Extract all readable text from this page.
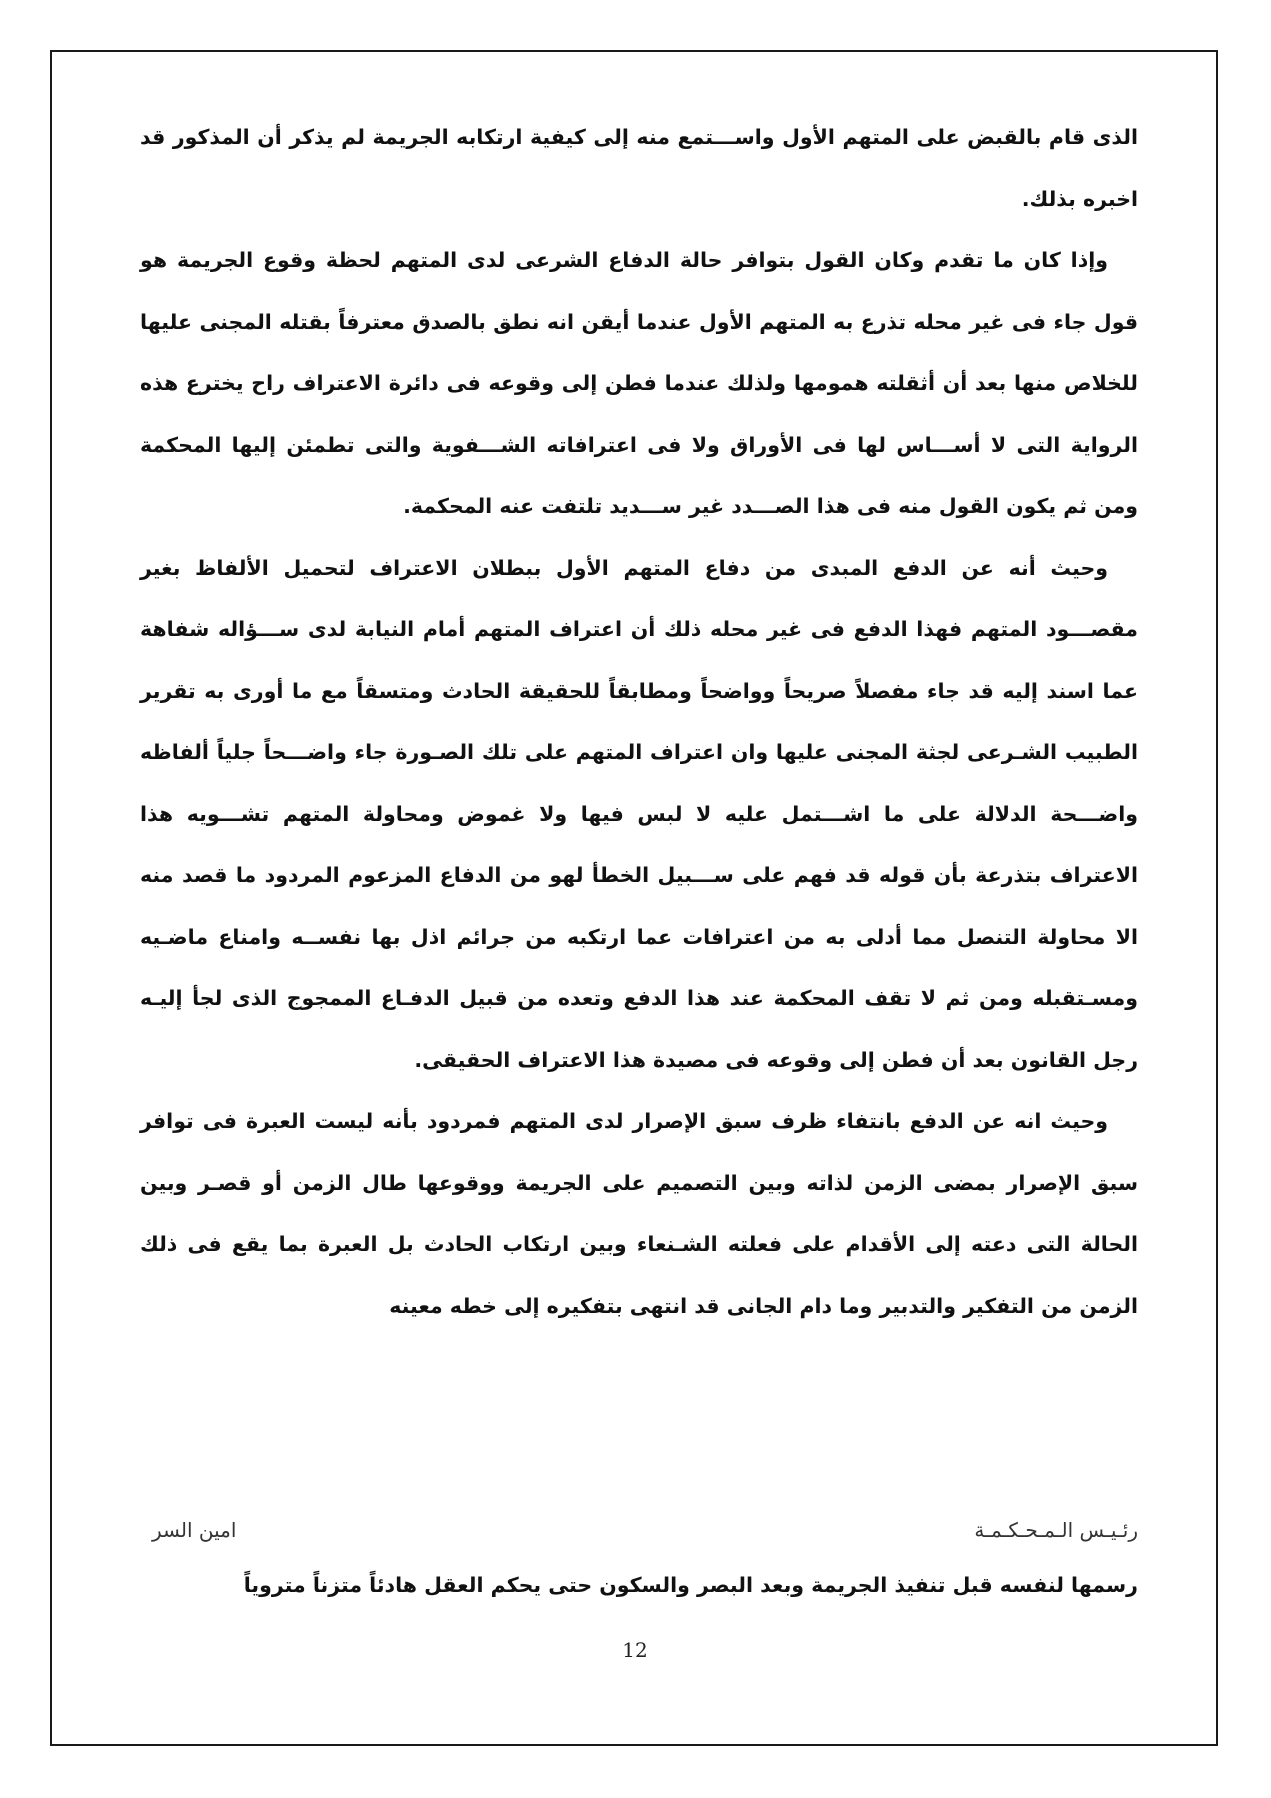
الذى قام بالقبض على المتهم الأول واســـتمع منه إلى كيفية ارتكابه الجريمة لم يذكر أن المذكور قد اخبره بذلك.

وإذا كان ما تقدم وكان القول بتوافر حالة الدفاع الشرعى لدى المتهم لحظة وقوع الجريمة هو قول جاء فى غير محله تذرع به المتهم الأول عندما أيقن انه نطق بالصدق معترفاً بقتله المجنى عليها للخلاص منها بعد أن أثقلته همومها ولذلك عندما فطن إلى وقوعه فى دائرة الاعتراف راح يخترع هذه الرواية التى لا أســـاس لها فى الأوراق ولا فى اعترافاته الشـــفوية والتى تطمئن إليها المحكمة ومن ثم يكون القول منه فى هذا الصـــدد غير ســـديد تلتفت عنه المحكمة.

وحيث أنه عن الدفع المبدى من دفاع المتهم الأول ببطلان الاعتراف لتحميل الألفاظ بغير مقصـــود المتهم فهذا الدفع فى غير محله ذلك أن اعتراف المتهم أمام النيابة لدى ســـؤاله شفاهة عما اسند إليه قد جاء مفصلاً صريحاً وواضحاً ومطابقاً للحقيقة الحادث ومتسقاً مع ما أورى به تقرير الطبيب الشـرعى لجثة المجنى عليها وان اعتراف المتهم على تلك الصـورة جاء واضـــحاً جلياً ألفاظه واضـــحة الدلالة على ما اشـــتمل عليه لا لبس فيها ولا غموض ومحاولة المتهم تشـــويه هذا الاعتراف بتذرعة بأن قوله قد فهم على ســـبيل الخطأ لهو من الدفاع المزعوم المردود ما قصد منه الا محاولة التنصل مما أدلى به من اعترافات عما ارتكبه من جرائم اذل بها نفســه وامناع ماضـيه ومسـتقبله ومن ثم لا تقف المحكمة عند هذا الدفع وتعده من قبيل الدفـاع الممجوج الذى لجأ إليـه رجل القانون بعد أن فطن إلى وقوعه فى مصيدة هذا الاعتراف الحقيقى.

وحيث انه عن الدفع بانتفاء ظرف سبق الإصرار لدى المتهم فمردود بأنه ليست العبرة فى توافر سبق الإصرار بمضى الزمن لذاته وبين التصميم على الجريمة ووقوعها طال الزمن أو قصـر وبين الحالة التى دعته إلى الأقدام على فعلته الشـنعاء وبين ارتكاب الحادث بل العبرة بما يقع فى ذلك الزمن من التفكير والتدبير وما دام الجانى قد انتهى بتفكيره إلى خطه معينه

رئـيـس الـمـحـكـمـة
امين السر
رسمها لنفسه قبل تنفيذ الجريمة وبعد البصر والسكون حتى يحكم العقل هادئاً متزناً متروياً
12
